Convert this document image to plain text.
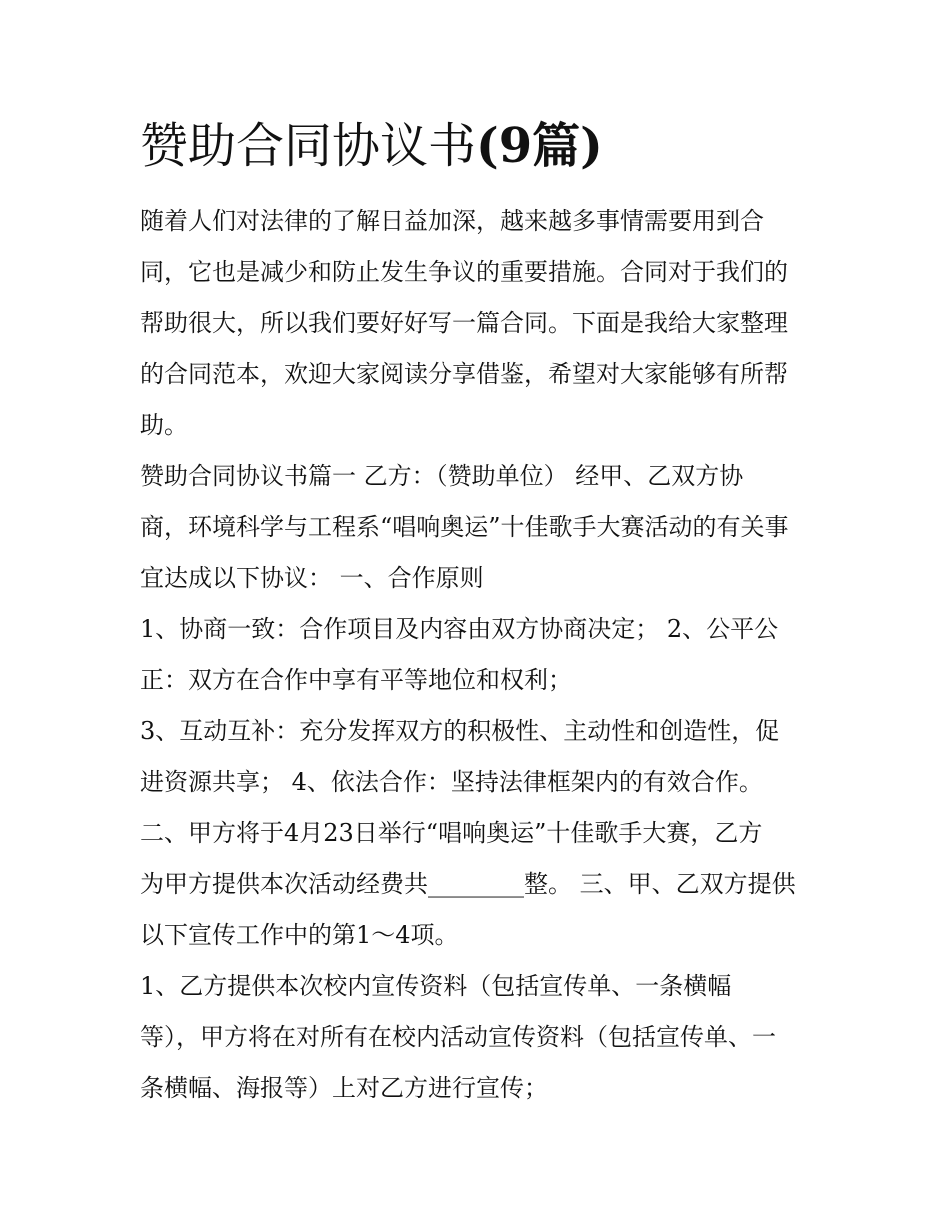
赞助合同协议书(9篇)

随着人们对法律的了解日益加深，越来越多事情需要用到合

同，它也是减少和防止发生争议的重要措施。合同对于我们的

帮助很大，所以我们要好好写一篇合同。下面是我给大家整理

的合同范本，欢迎大家阅读分享借鉴，希望对大家能够有所帮

助。

赞助合同协议书篇一 乙方：（赞助单位） 经甲、乙双方协

商，环境科学与工程系“唱响奥运”十佳歌手大赛活动的有关事

宜达成以下协议： 一、合作原则

1、协商一致：合作项目及内容由双方协商决定； 2、公平公

正：双方在合作中享有平等地位和权利；

3、互动互补：充分发挥双方的积极性、主动性和创造性，促

进资源共享； 4、依法合作：坚持法律框架内的有效合作。

二、甲方将于4月23日举行“唱响奥运”十佳歌手大赛，乙方

为甲方提供本次活动经费共________整。 三、甲、乙双方提供

以下宣传工作中的第1～4项。

1、乙方提供本次校内宣传资料（包括宣传单、一条横幅

等），甲方将在对所有在校内活动宣传资料（包括宣传单、一

条横幅、海报等）上对乙方进行宣传；
